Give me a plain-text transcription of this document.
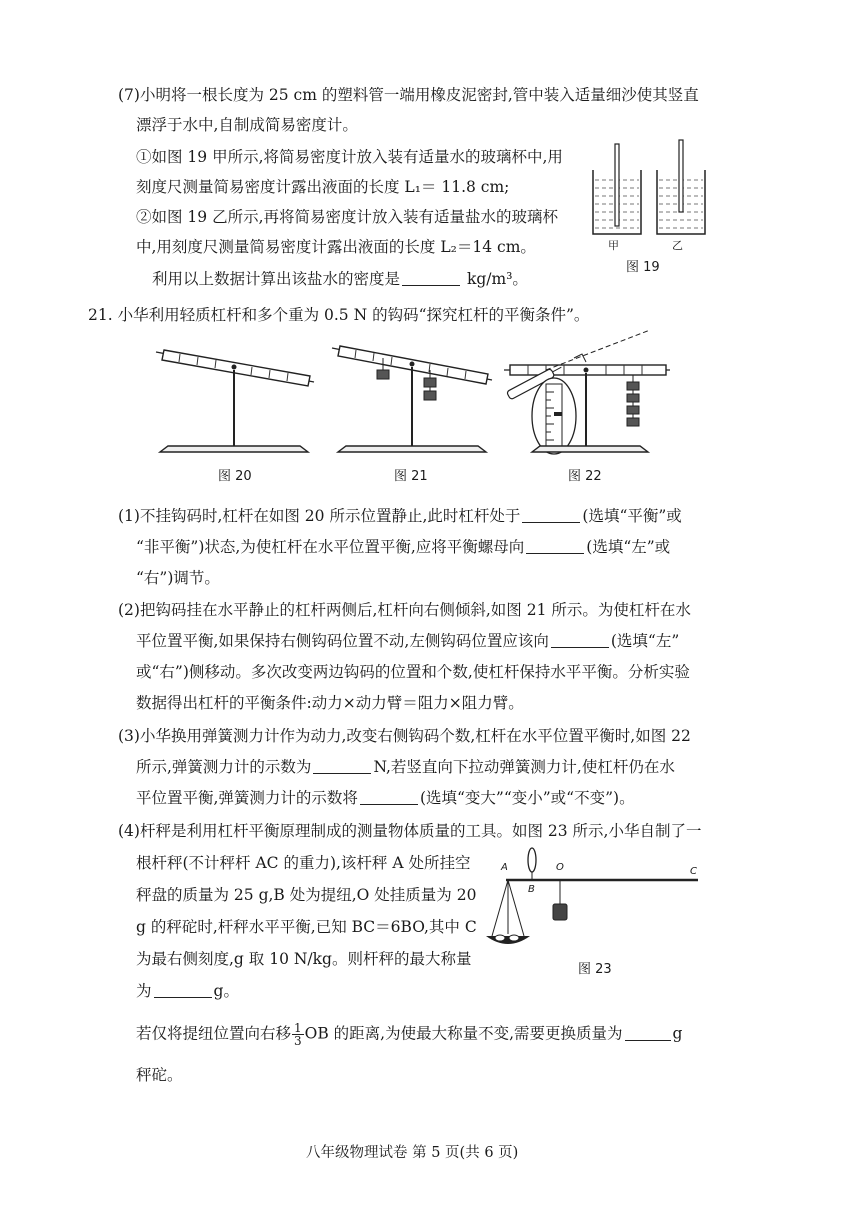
(7)小明将一根长度为 25 cm 的塑料管一端用橡皮泥密封,管中装入适量细沙使其竖直
漂浮于水中,自制成简易密度计。
①如图 19 甲所示,将简易密度计放入装有适量水的玻璃杯中,用
刻度尺测量简易密度计露出液面的长度 L₁＝ 11.8 cm;
②如图 19 乙所示,再将简易密度计放入装有适量盐水的玻璃杯
中,用刻度尺测量简易密度计露出液面的长度 L₂＝14 cm。
利用以上数据计算出该盐水的密度是	kg/m³。
甲	乙
图 19
21. 小华利用轻质杠杆和多个重为 0.5 N 的钩码“探究杠杆的平衡条件”。
图 20	图 21	图 22
(1)不挂钩码时,杠杆在如图 20 所示位置静止,此时杠杆处于	(选填“平衡”或
“非平衡”)状态,为使杠杆在水平位置平衡,应将平衡螺母向	(选填“左”或
“右”)调节。
(2)把钩码挂在水平静止的杠杆两侧后,杠杆向右侧倾斜,如图 21 所示。为使杠杆在水
平位置平衡,如果保持右侧钩码位置不动,左侧钩码位置应该向	(选填“左”
或“右”)侧移动。多次改变两边钩码的位置和个数,使杠杆保持水平平衡。分析实验
数据得出杠杆的平衡条件:动力×动力臂＝阻力×阻力臂。
(3)小华换用弹簧测力计作为动力,改变右侧钩码个数,杠杆在水平位置平衡时,如图 22
所示,弹簧测力计的示数为	N,若竖直向下拉动弹簧测力计,使杠杆仍在水
平位置平衡,弹簧测力计的示数将	(选填“变大”“变小”或“不变”)。
(4)杆秤是利用杠杆平衡原理制成的测量物体质量的工具。如图 23 所示,小华自制了一
根杆秤(不计秤杆 AC 的重力),该杆秤 A 处所挂空
秤盘的质量为 25 g,B 处为提纽,O 处挂质量为 20
g 的秤砣时,杆秤水平平衡,已知 BC＝6BO,其中 C
为最右侧刻度,g 取 10 N/kg。则杆秤的最大称量
为	g。
若仅将提纽位置向右移 $\frac{1}{3}$ OB 的距离,为使最大称量不变,需要更换质量为	g
秤砣。
A
B
O	C
图 23
八年级物理试卷 第 5 页(共 6 页)
